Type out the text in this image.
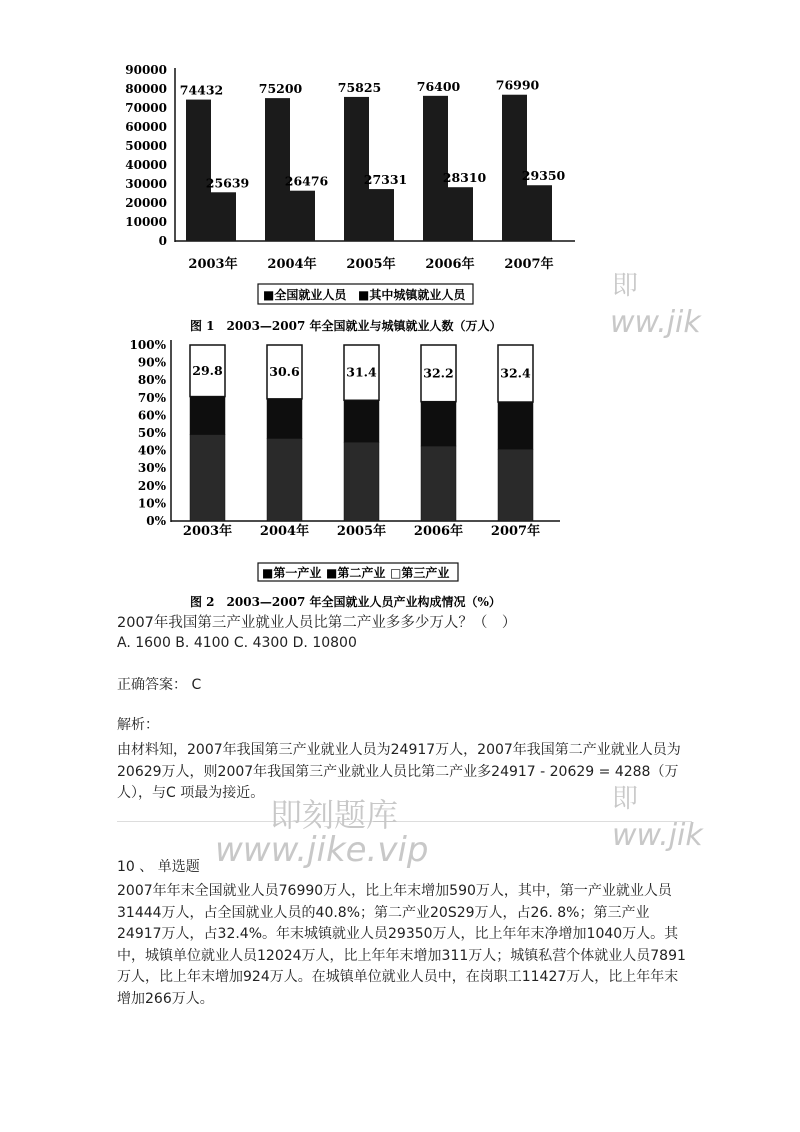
0
10000
20000
30000
40000
50000
60000
70000
80000
90000
74432
25639
75200
26476
75825
27331
76400
28310
76990
29350
2003年 2004年 2005年 2006年 2007年
■全国就业人员 ■其中城镇就业人员
图 1　2003—2007 年全国就业与城镇就业人数（万人）
0%
10%
20%
30%
40%
50%
60%
70%
80%
90%
100%
29.8	30.6	31.4	32.2	32.4
2003年 2004年 2005年 2006年 2007年
■第一产业 ■第二产业 □第三产业
图 2　2003—2007 年全国就业人员产业构成情况（%）
2007年我国第三产业就业人员比第二产业多多少万人？（　）
A. 1600 B. 4100 C. 4300 D. 10800
正确答案： C
解析：
由材料知，2007年我国第三产业就业人员为24917万人，2007年我国第二产业就业人员为20629万人，则2007年我国第三产业就业人员比第二产业多24917 - 20629 = 4288（万人），与C 项最为接近。
10 、 单选题
2007年年末全国就业人员76990万人，比上年末增加590万人，其中，第一产业就业人员31444万人，占全国就业人员的40.8%；第二产业20S29万人，占26. 8%；第三产业24917万人，占32.4%。年末城镇就业人员29350万人，比上年年末净增加1040万人。其中，城镇单位就业人员12024万人，比上年年末增加311万人；城镇私营个体就业人员7891万人，比上年末增加924万人。在城镇单位就业人员中，在岗职工11427万人，比上年年末增加266万人。
即
ww.jik
即
ww.jik
即刻题库
www.jike.vip
